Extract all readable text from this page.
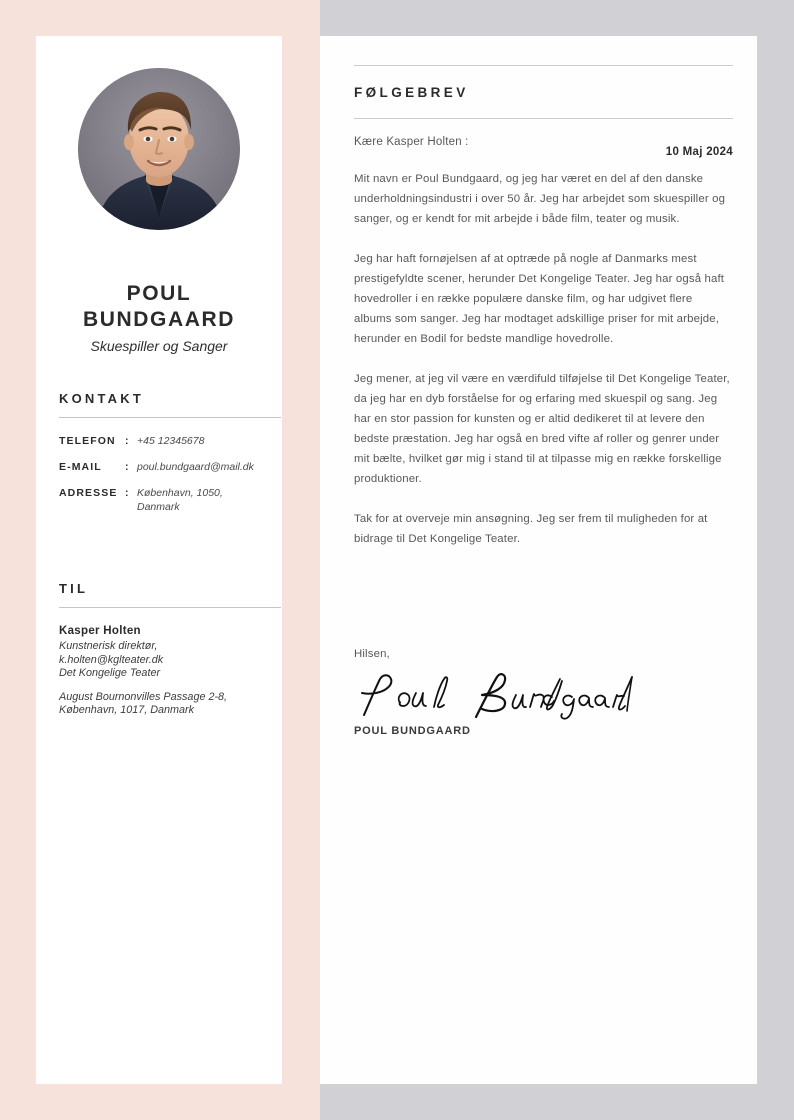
POUL
BUNDGAARD
Skuespiller og Sanger
KONTAKT
TELEFON : +45 12345678
E-MAIL	: poul.bundgaard@mail.dk
ADRESSE : København, 1050, Danmark
TIL
Kasper Holten
Kunstnerisk direktør,
k.holten@kglteater.dk
Det Kongelige Teater
August Bournonvilles Passage 2-8,
København, 1017, Danmark
FØLGEBREV
Kære Kasper Holten :
10 Maj 2024

Mit navn er Poul Bundgaard, og jeg har været en del af den danske underholdningsindustri i over 50 år. Jeg har arbejdet som skuespiller og sanger, og er kendt for mit arbejde i både film, teater og musik.

Jeg har haft fornøjelsen af at optræde på nogle af Danmarks mest prestigefyldte scener, herunder Det Kongelige Teater. Jeg har også haft hovedroller i en række populære danske film, og har udgivet flere albums som sanger. Jeg har modtaget adskillige priser for mit arbejde, herunder en Bodil for bedste mandlige hovedrolle.

Jeg mener, at jeg vil være en værdifuld tilføjelse til Det Kongelige Teater, da jeg har en dyb forståelse for og erfaring med skuespil og sang. Jeg har en stor passion for kunsten og er altid dedikeret til at levere den bedste præstation. Jeg har også en bred vifte af roller og genrer under mit bælte, hvilket gør mig i stand til at tilpasse mig en række forskellige produktioner.

Tak for at overveje min ansøgning. Jeg ser frem til muligheden for at bidrage til Det Kongelige Teater.

Hilsen,
POUL BUNDGAARD
